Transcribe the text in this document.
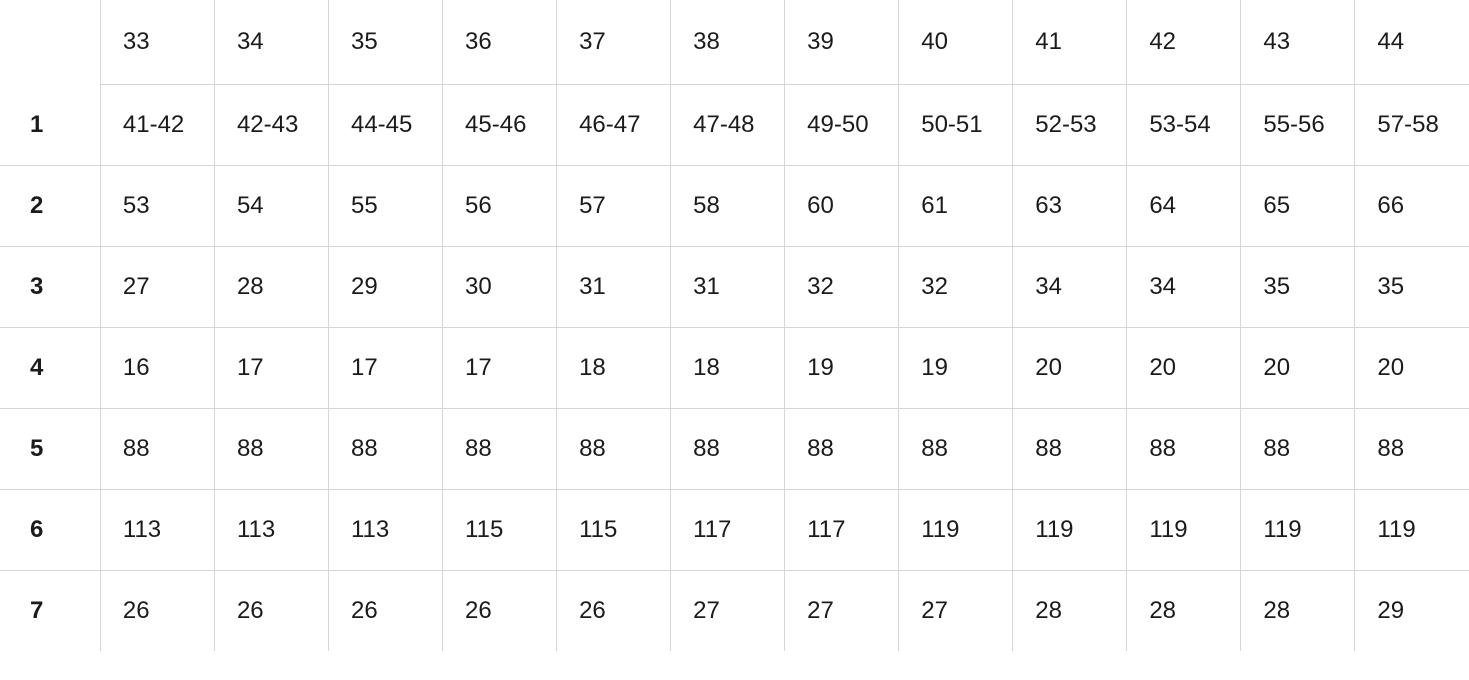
	33	34	35	36	37	38	39	40	41	42	43	44
1	41-42	42-43	44-45	45-46	46-47	47-48	49-50	50-51	52-53	53-54	55-56	57-58
2	53	54	55	56	57	58	60	61	63	64	65	66
3	27	28	29	30	31	31	32	32	34	34	35	35
4	16	17	17	17	18	18	19	19	20	20	20	20
5	88	88	88	88	88	88	88	88	88	88	88	88
6	113	113	113	115	115	117	117	119	119	119	119	119
7	26	26	26	26	26	27	27	27	28	28	28	29
